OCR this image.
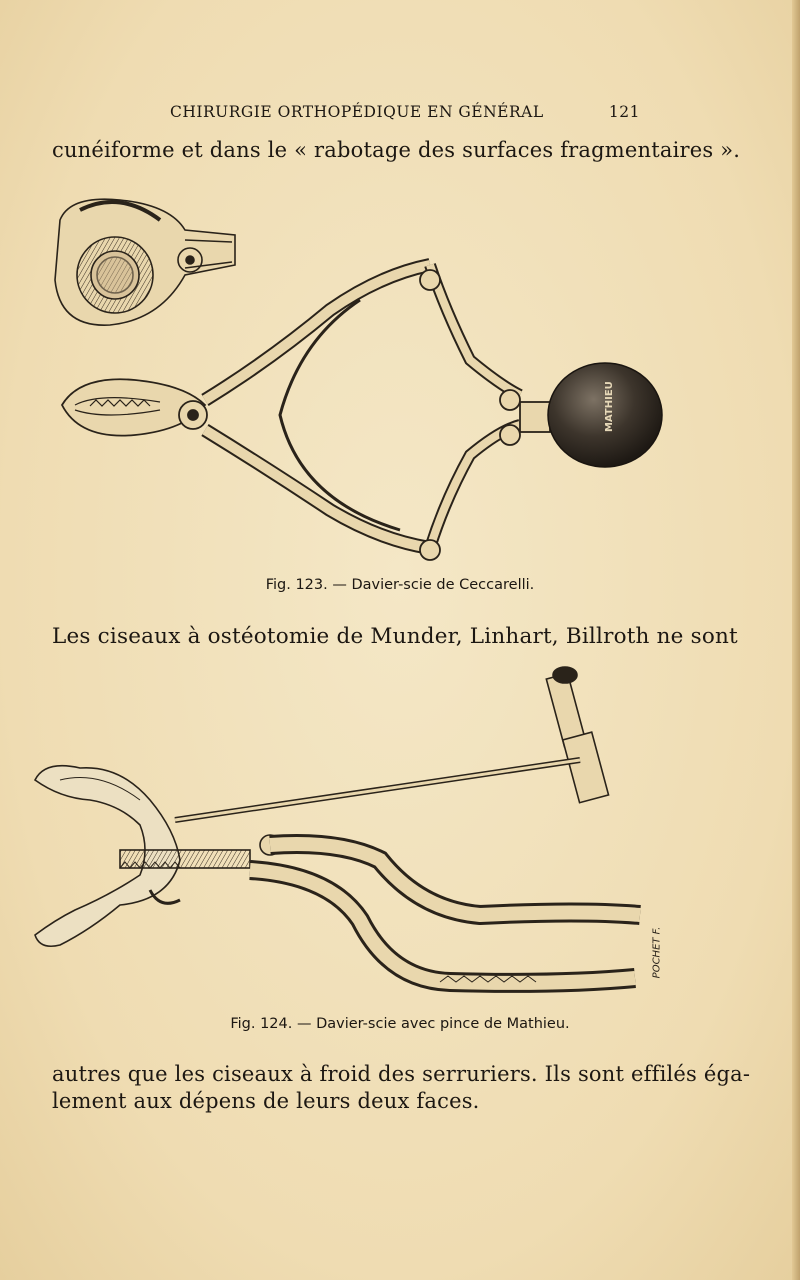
CHIRURGIE ORTHOPÉDIQUE EN GÉNÉRAL	121
cunéiforme et dans le « rabotage des surfaces fragmentaires ».
MATHIEU
Fig. 123. — Davier-scie de Ceccarelli.
Les ciseaux à ostéotomie de Munder, Linhart, Billroth ne sont
POCHET F.
Fig. 124. — Davier-scie avec pince de Mathieu.
autres que les ciseaux à froid des serruriers. Ils sont effilés éga-
lement aux dépens de leurs deux faces.
